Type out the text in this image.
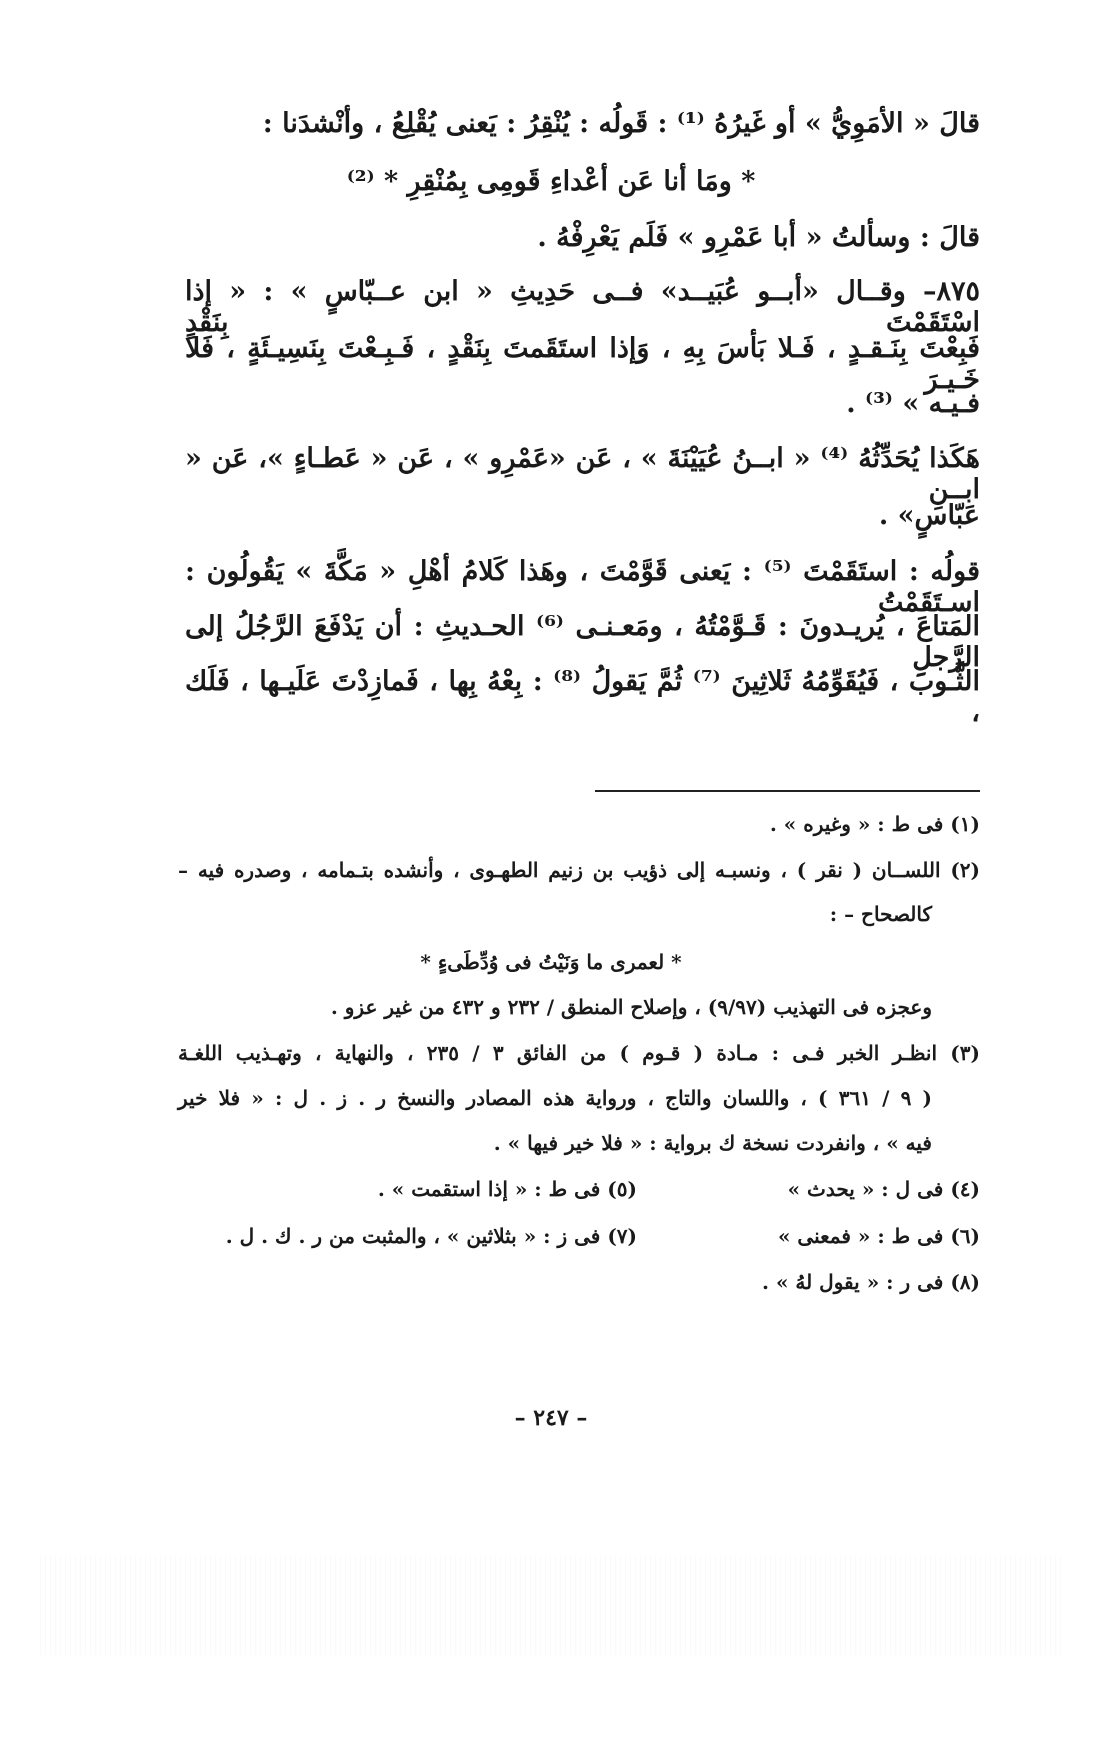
قالَ « الأمَوِيُّ » أو غَيرُهُ ⁽¹⁾ : قَولُه : يُنْقِرُ : يَعنى يُقْلِعُ ، وأنْشدَنا :
* ومَا أنا عَن أعْداءِ قَومِى بِمُنْقِرِ * ⁽²⁾
قالَ : وسألتُ « أبا عَمْرِو » فَلَم يَعْرِفْهُ .
٨٧٥– وقــال «أبــو عُبَيــد» فــى حَدِيثِ « ابن عــبّاسٍ » : « إذا اسْتَقَمْتَ بِنَقْدٍ
فَبِعْتَ بِنَـقـدٍ ، فَـلا بَأسَ بِهِ ، وَإذا استَقَمتَ بِنَقْدٍ ، فَـبِـعْتَ بِنَسِيـئَةٍ ، فَلا خَـيـرَ
فـيـه » ⁽³⁾ .
هَكَذا يُحَدِّثُهُ ⁽⁴⁾ « ابــنُ عُيَيْنَةَ » ، عَن «عَمْرِو » ، عَن « عَطـاءٍ »، عَن « ابــنِ
عَبّاسٍ» .
قولُه : استَقَمْتَ ⁽⁵⁾ : يَعنى قَوَّمْتَ ، وهَذا كَلامُ أهْلِ « مَكَّةَ » يَقُولُون : اسـتَقَمْتُ
المَتاعَ ، يُريـدونَ : قَـوَّمْتُهُ ، ومَعـنـى ⁽⁶⁾ الحـديثِ : أن يَدْفَعَ الرَّجُلُ إلى الرَّجلِ
الثَّـوبَ ، فَيُقَوِّمُهُ ثَلاثِينَ ⁽⁷⁾ ثُمَّ يَقولُ ⁽⁸⁾ : بِعْهُ بِها ، فَمازِدْتَ عَلَيـها ، فَلَك ،
(١) فى ط : « وغيره » .
(٢) اللســان ( نقر ) ، ونسبـه إلى ذؤيب بن زنيم الطهـوى ، وأنشده بتـمامه ، وصدره فيه –
كالصحاح – :
* لعمرى ما وَنَيْتُ فى وُدِّطَىءٍ *
وعجزه فى التهذيب (٩/٩٧) ، وإصلاح المنطق / ٢٣٢ و ٤٣٢ من غير عزو .
(٣) انظـر الخبر فـى : مـادة ( قـوم ) من الفائق ٣ / ٢٣٥ ، والنهاية ، وتهـذيب اللغـة
( ٩ / ٣٦١ ) ، واللسان والتاج ، ورواية هذه المصادر والنسخ ر . ز . ل : « فلا خير
فيه » ، وانفردت نسخة ك برواية : « فلا خير فيها » .
(٤) فى ل : « يحدث »
(٥) فى ط : « إذا استقمت » .
(٦) فى ط : « فمعنى »
(٧) فى ز : « بثلاثين » ، والمثبت من ر . ك . ل .
(٨) فى ر : « يقول لهُ » .
– ٢٤٧ –
